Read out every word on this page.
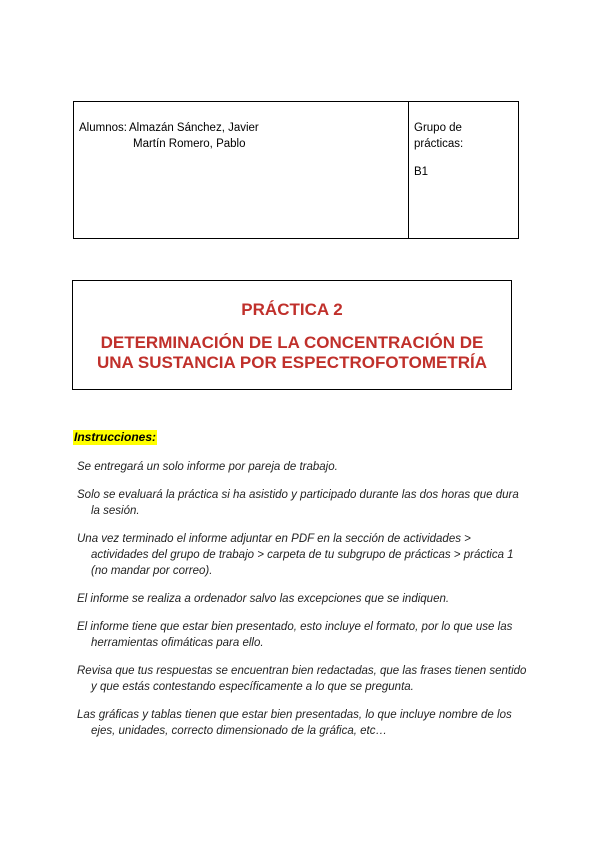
Alumnos: Almazán Sánchez, Javier
Martín Romero, Pablo
Grupo de prácticas:
B1
PRÁCTICA 2
DETERMINACIÓN DE LA CONCENTRACIÓN DE
UNA SUSTANCIA POR ESPECTROFOTOMETRÍA
Instrucciones:
Se entregará un solo informe por pareja de trabajo.
Solo se evaluará la práctica si ha asistido y participado durante las dos horas que dura la sesión.
Una vez terminado el informe adjuntar en PDF en la sección de actividades > actividades del grupo de trabajo > carpeta de tu subgrupo de prácticas > práctica 1 (no mandar por correo).
El informe se realiza a ordenador salvo las excepciones que se indiquen.
El informe tiene que estar bien presentado, esto incluye el formato, por lo que use las herramientas ofimáticas para ello.
Revisa que tus respuestas se encuentran bien redactadas, que las frases tienen sentido y que estás contestando específicamente a lo que se pregunta.
Las gráficas y tablas tienen que estar bien presentadas, lo que incluye nombre de los ejes, unidades, correcto dimensionado de la gráfica, etc…
